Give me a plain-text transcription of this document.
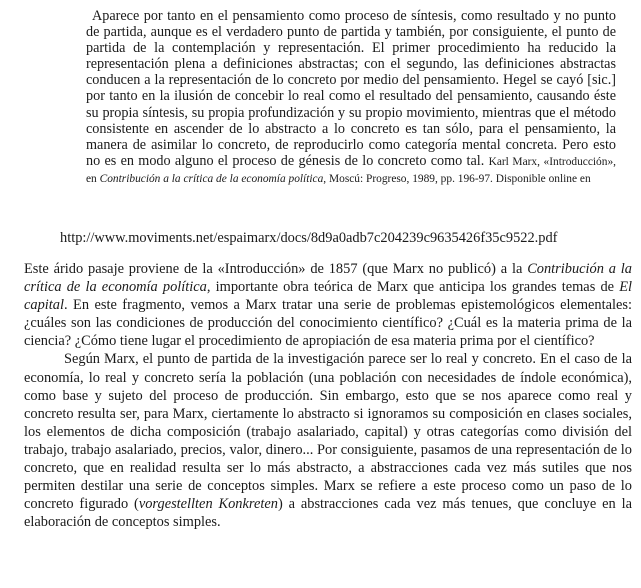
Aparece por tanto en el pensamiento como proceso de síntesis, como resultado y no punto de partida, aunque es el verdadero punto de partida y también, por consiguiente, el punto de partida de la contemplación y representación. El primer procedimiento ha reducido la representación plena a definiciones abstractas; con el segundo, las definiciones abstractas conducen a la representación de lo concreto por medio del pensamiento. Hegel se cayó [sic.] por tanto en la ilusión de concebir lo real como el resultado del pensamiento, causando éste su propia síntesis, su propia profundización y su propio movimiento, mientras que el método consistente en ascender de lo abstracto a lo concreto es tan sólo, para el pensamiento, la manera de asimilar lo concreto, de reproducirlo como categoría mental concreta. Pero esto no es en modo alguno el proceso de génesis de lo concreto como tal. Karl Marx, «Introducción», en Contribución a la crítica de la economía política, Moscú: Progreso, 1989, pp. 196-97. Disponible online en
http://www.moviments.net/espaimarx/docs/8d9a0adb7c204239c9635426f35c9522.pdf

Este árido pasaje proviene de la «Introducción» de 1857 (que Marx no publicó) a la Contribución a la crítica de la economía política, importante obra teórica de Marx que anticipa los grandes temas de El capital. En este fragmento, vemos a Marx tratar una serie de problemas epistemológicos elementales: ¿cuáles son las condiciones de producción del conocimiento científico? ¿Cuál es la materia prima de la ciencia? ¿Cómo tiene lugar el procedimiento de apropiación de esa materia prima por el científico?

Según Marx, el punto de partida de la investigación parece ser lo real y concreto. En el caso de la economía, lo real y concreto sería la población (una población con necesidades de índole económica), como base y sujeto del proceso de producción. Sin embargo, esto que se nos aparece como real y concreto resulta ser, para Marx, ciertamente lo abstracto si ignoramos su composición en clases sociales, los elementos de dicha composición (trabajo asalariado, capital) y otras categorías como división del trabajo, trabajo asalariado, precios, valor, dinero... Por consiguiente, pasamos de una representación de lo concreto, que en realidad resulta ser lo más abstracto, a abstracciones cada vez más sutiles que nos permiten destilar una serie de conceptos simples. Marx se refiere a este proceso como un paso de lo concreto figurado (vorgestellten Konkreten) a abstracciones cada vez más tenues, que concluye en la elaboración de conceptos simples.
